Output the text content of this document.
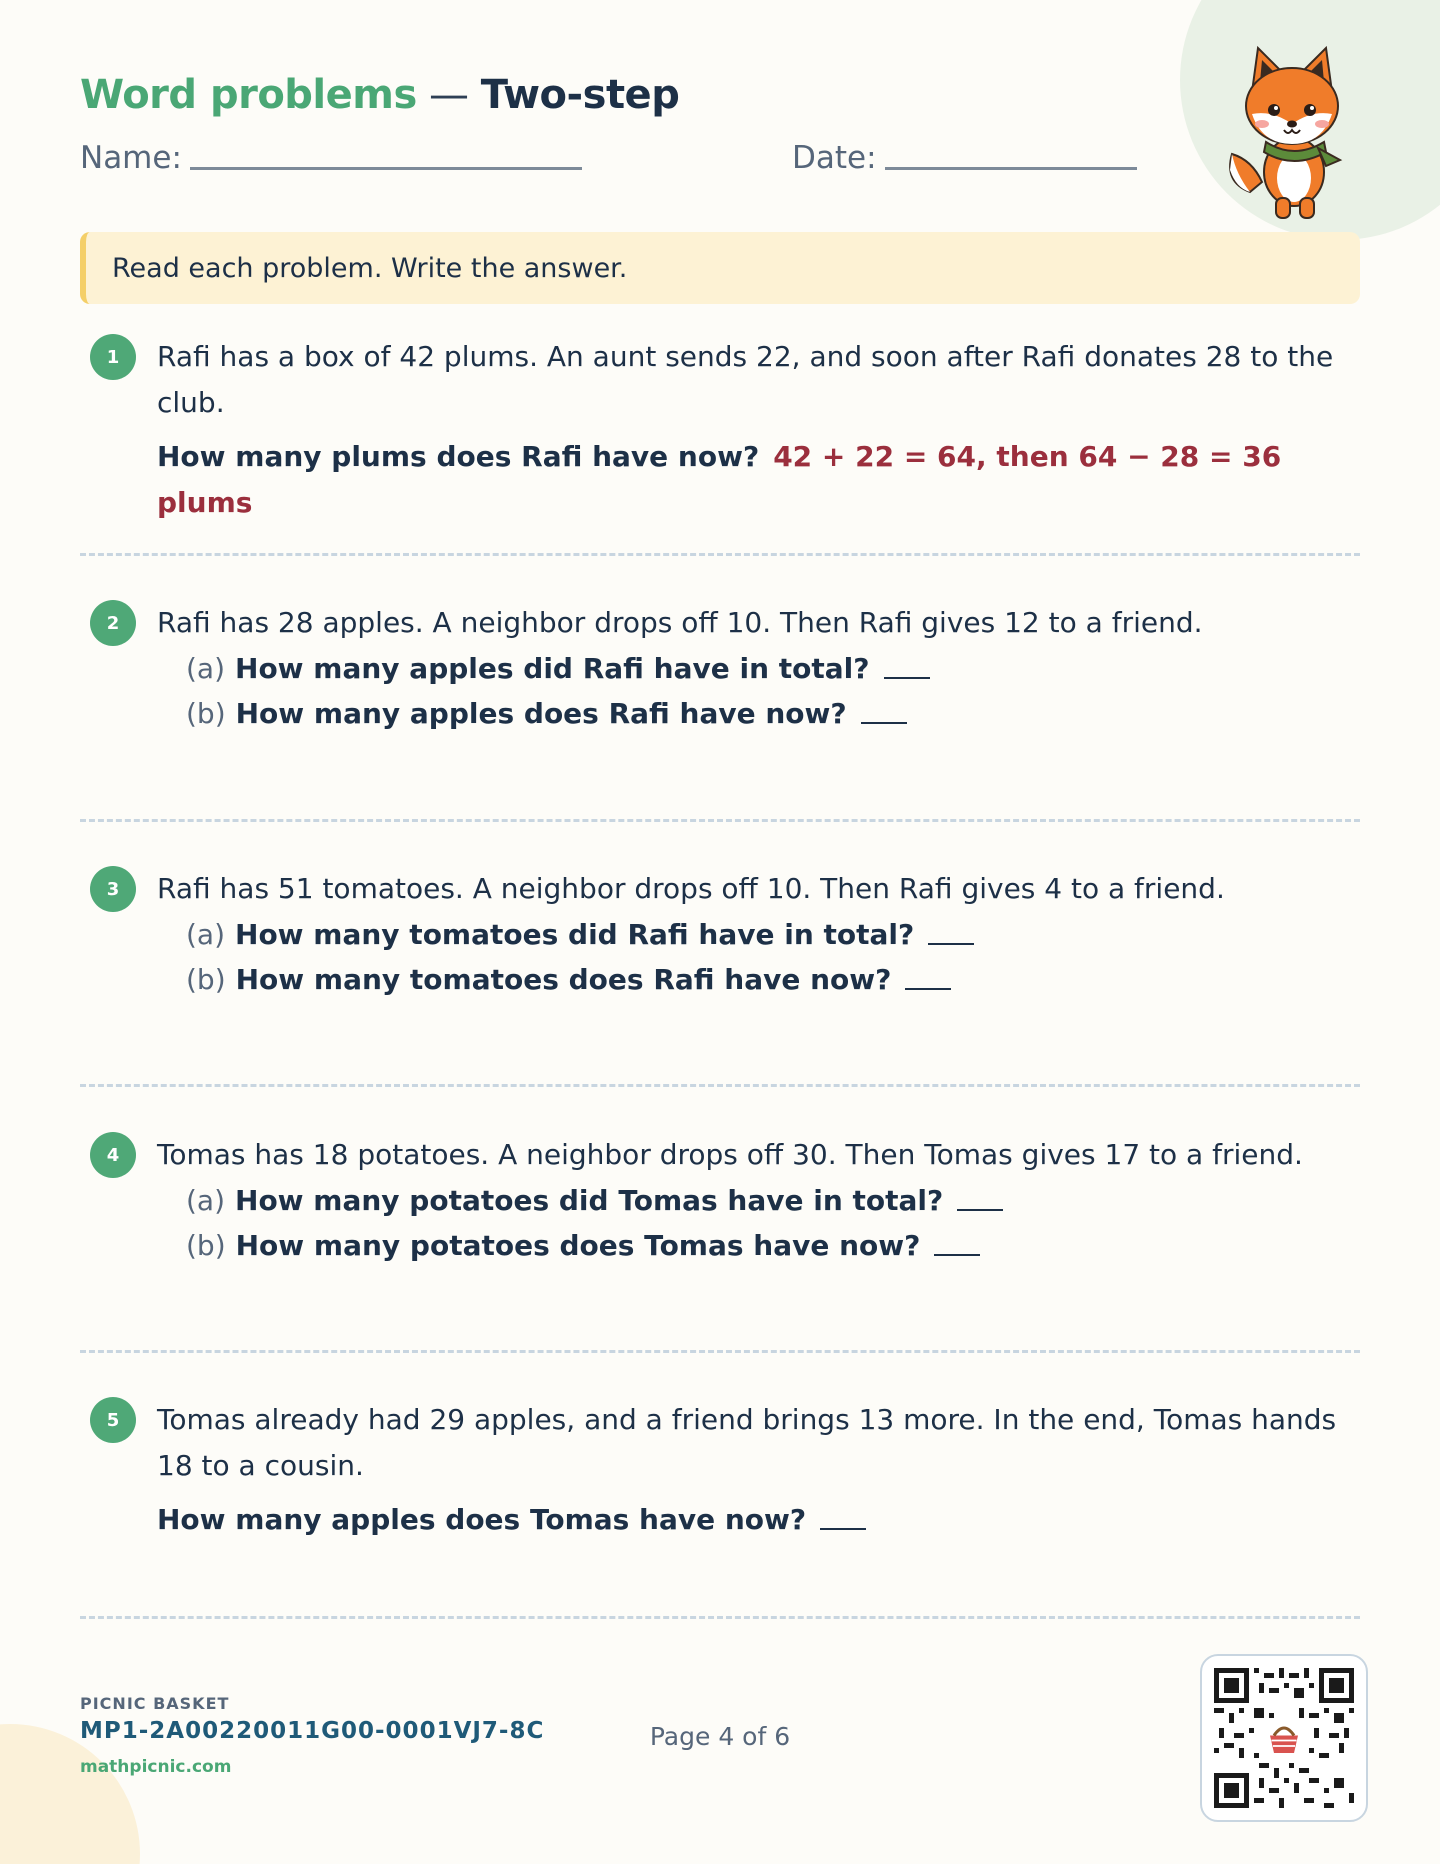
Word problems — Two-step
Name:	Date:
Read each problem. Write the answer.
1	Rafi has a box of 42 plums. An aunt sends 22, and soon after Rafi donates 28 to the club.
How many plums does Rafi have now? 42 + 22 = 64, then 64 − 28 = 36 plums
2	Rafi has 28 apples. A neighbor drops off 10. Then Rafi gives 12 to a friend.
(a) How many apples did Rafi have in total?
(b) How many apples does Rafi have now?
3	Rafi has 51 tomatoes. A neighbor drops off 10. Then Rafi gives 4 to a friend.
(a) How many tomatoes did Rafi have in total?
(b) How many tomatoes does Rafi have now?
4	Tomas has 18 potatoes. A neighbor drops off 30. Then Tomas gives 17 to a friend.
(a) How many potatoes did Tomas have in total?
(b) How many potatoes does Tomas have now?
5	Tomas already had 29 apples, and a friend brings 13 more. In the end, Tomas hands 18 to a cousin.
How many apples does Tomas have now?
PICNIC BASKET
MP1-2A00220011G00-0001VJ7-8C
mathpicnic.com
Page 4 of 6
